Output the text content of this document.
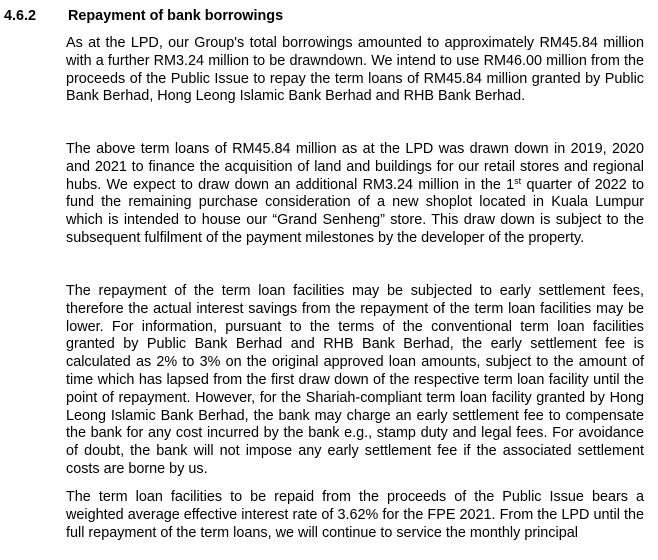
4.6.2 Repayment of bank borrowings

As at the LPD, our Group's total borrowings amounted to approximately RM45.84 million with a further RM3.24 million to be drawndown. We intend to use RM46.00 million from the proceeds of the Public Issue to repay the term loans of RM45.84 million granted by Public Bank Berhad, Hong Leong Islamic Bank Berhad and RHB Bank Berhad.

The above term loans of RM45.84 million as at the LPD was drawn down in 2019, 2020 and 2021 to finance the acquisition of land and buildings for our retail stores and regional hubs. We expect to draw down an additional RM3.24 million in the 1st quarter of 2022 to fund the remaining purchase consideration of a new shoplot located in Kuala Lumpur which is intended to house our “Grand Senheng” store. This draw down is subject to the subsequent fulfilment of the payment milestones by the developer of the property.

The repayment of the term loan facilities may be subjected to early settlement fees, therefore the actual interest savings from the repayment of the term loan facilities may be lower. For information, pursuant to the terms of the conventional term loan facilities granted by Public Bank Berhad and RHB Bank Berhad, the early settlement fee is calculated as 2% to 3% on the original approved loan amounts, subject to the amount of time which has lapsed from the first draw down of the respective term loan facility until the point of repayment. However, for the Shariah-compliant term loan facility granted by Hong Leong Islamic Bank Berhad, the bank may charge an early settlement fee to compensate the bank for any cost incurred by the bank e.g., stamp duty and legal fees. For avoidance of doubt, the bank will not impose any early settlement fee if the associated settlement costs are borne by us.

The term loan facilities to be repaid from the proceeds of the Public Issue bears a weighted average effective interest rate of 3.62% for the FPE 2021. From the LPD until the full repayment of the term loans, we will continue to service the monthly principal
